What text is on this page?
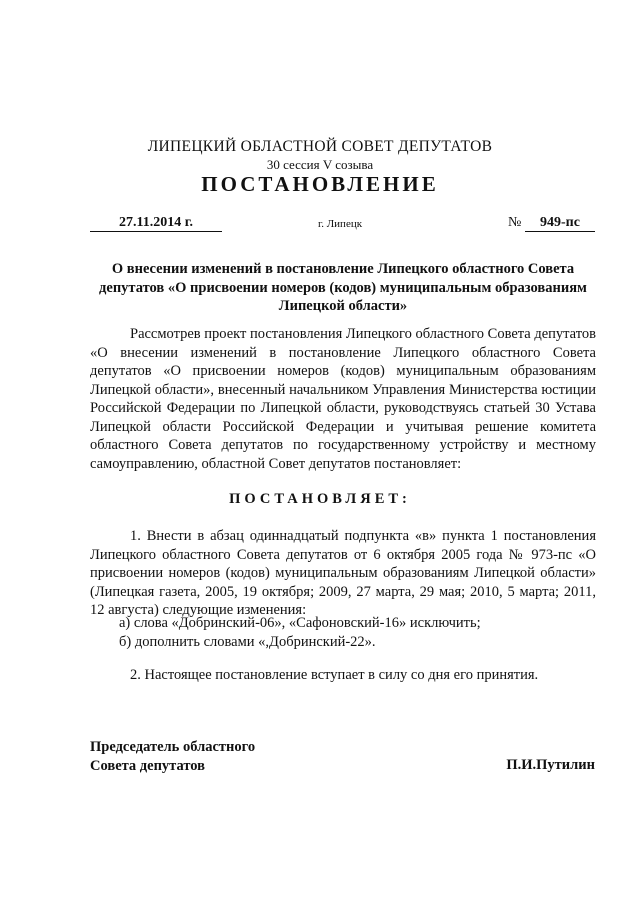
ЛИПЕЦКИЙ ОБЛАСТНОЙ СОВЕТ ДЕПУТАТОВ
30 сессия V созыва
ПОСТАНОВЛЕНИЕ
27.11.2014 г.	г. Липецк	№	949-пс
О внесении изменений в постановление Липецкого областного Совета депутатов «О присвоении номеров (кодов) муниципальным образованиям Липецкой области»
Рассмотрев проект постановления Липецкого областного Совета депутатов «О внесении изменений в постановление Липецкого областного Совета депутатов «О присвоении номеров (кодов) муниципальным образованиям Липецкой области», внесенный начальником Управления Министерства юстиции Российской Федерации по Липецкой области, руководствуясь статьей 30 Устава Липецкой области Российской Федерации и учитывая решение комитета областного Совета депутатов по государственному устройству и местному самоуправлению, областной Совет депутатов постановляет:
ПОСТАНОВЛЯЕТ:
1. Внести в абзац одиннадцатый подпункта «в» пункта 1 постановления Липецкого областного Совета депутатов от 6 октября 2005 года № 973-пс «О присвоении номеров (кодов) муниципальным образованиям Липецкой области» (Липецкая газета, 2005, 19 октября; 2009, 27 марта, 29 мая; 2010, 5 марта; 2011, 12 августа) следующие изменения:
а) слова «Добринский-06», «Сафоновский-16» исключить;
б) дополнить словами «,Добринский-22».
2. Настоящее постановление вступает в силу со дня его принятия.
Председатель областного
Совета депутатов	П.И.Путилин
